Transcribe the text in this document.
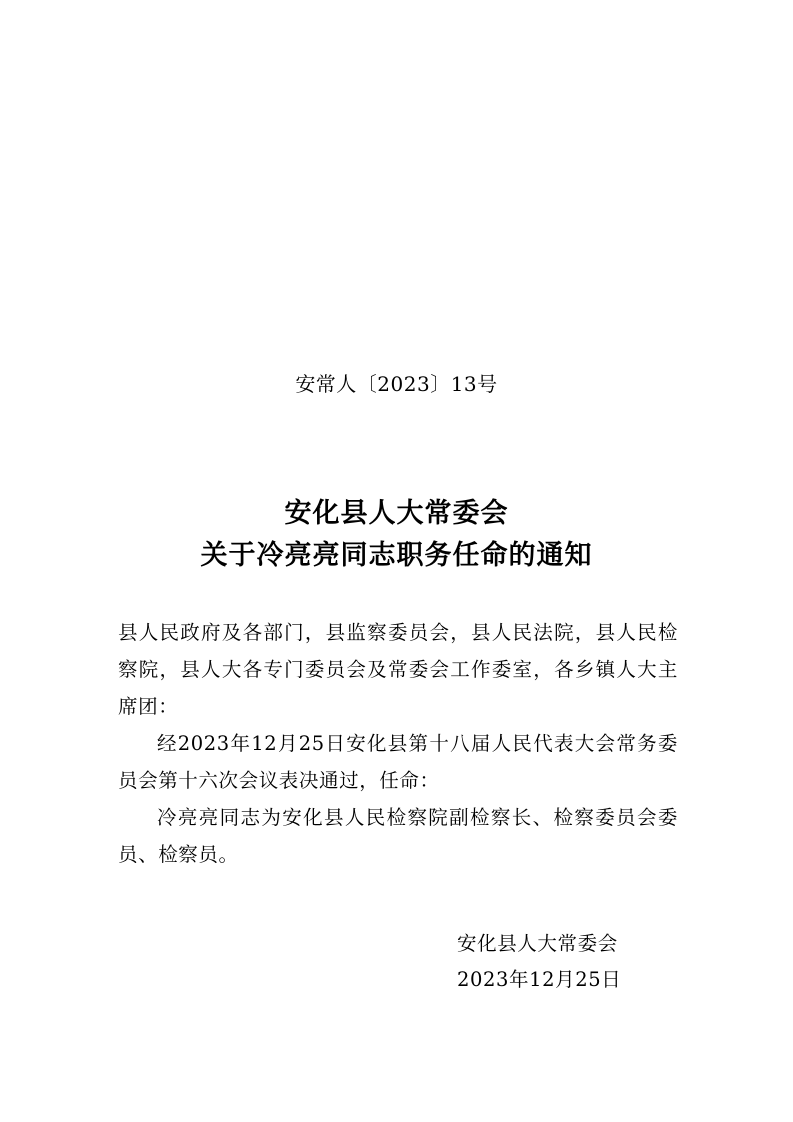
安常人〔2023〕13号
安化县人大常委会
关于冷亮亮同志职务任命的通知

县人民政府及各部门，县监察委员会，县人民法院，县人民检察院，县人大各专门委员会及常委会工作委室，各乡镇人大主席团：

经2023年12月25日安化县第十八届人民代表大会常务委员会第十六次会议表决通过，任命：

冷亮亮同志为安化县人民检察院副检察长、检察委员会委员、检察员。

安化县人大常委会
2023年12月25日
